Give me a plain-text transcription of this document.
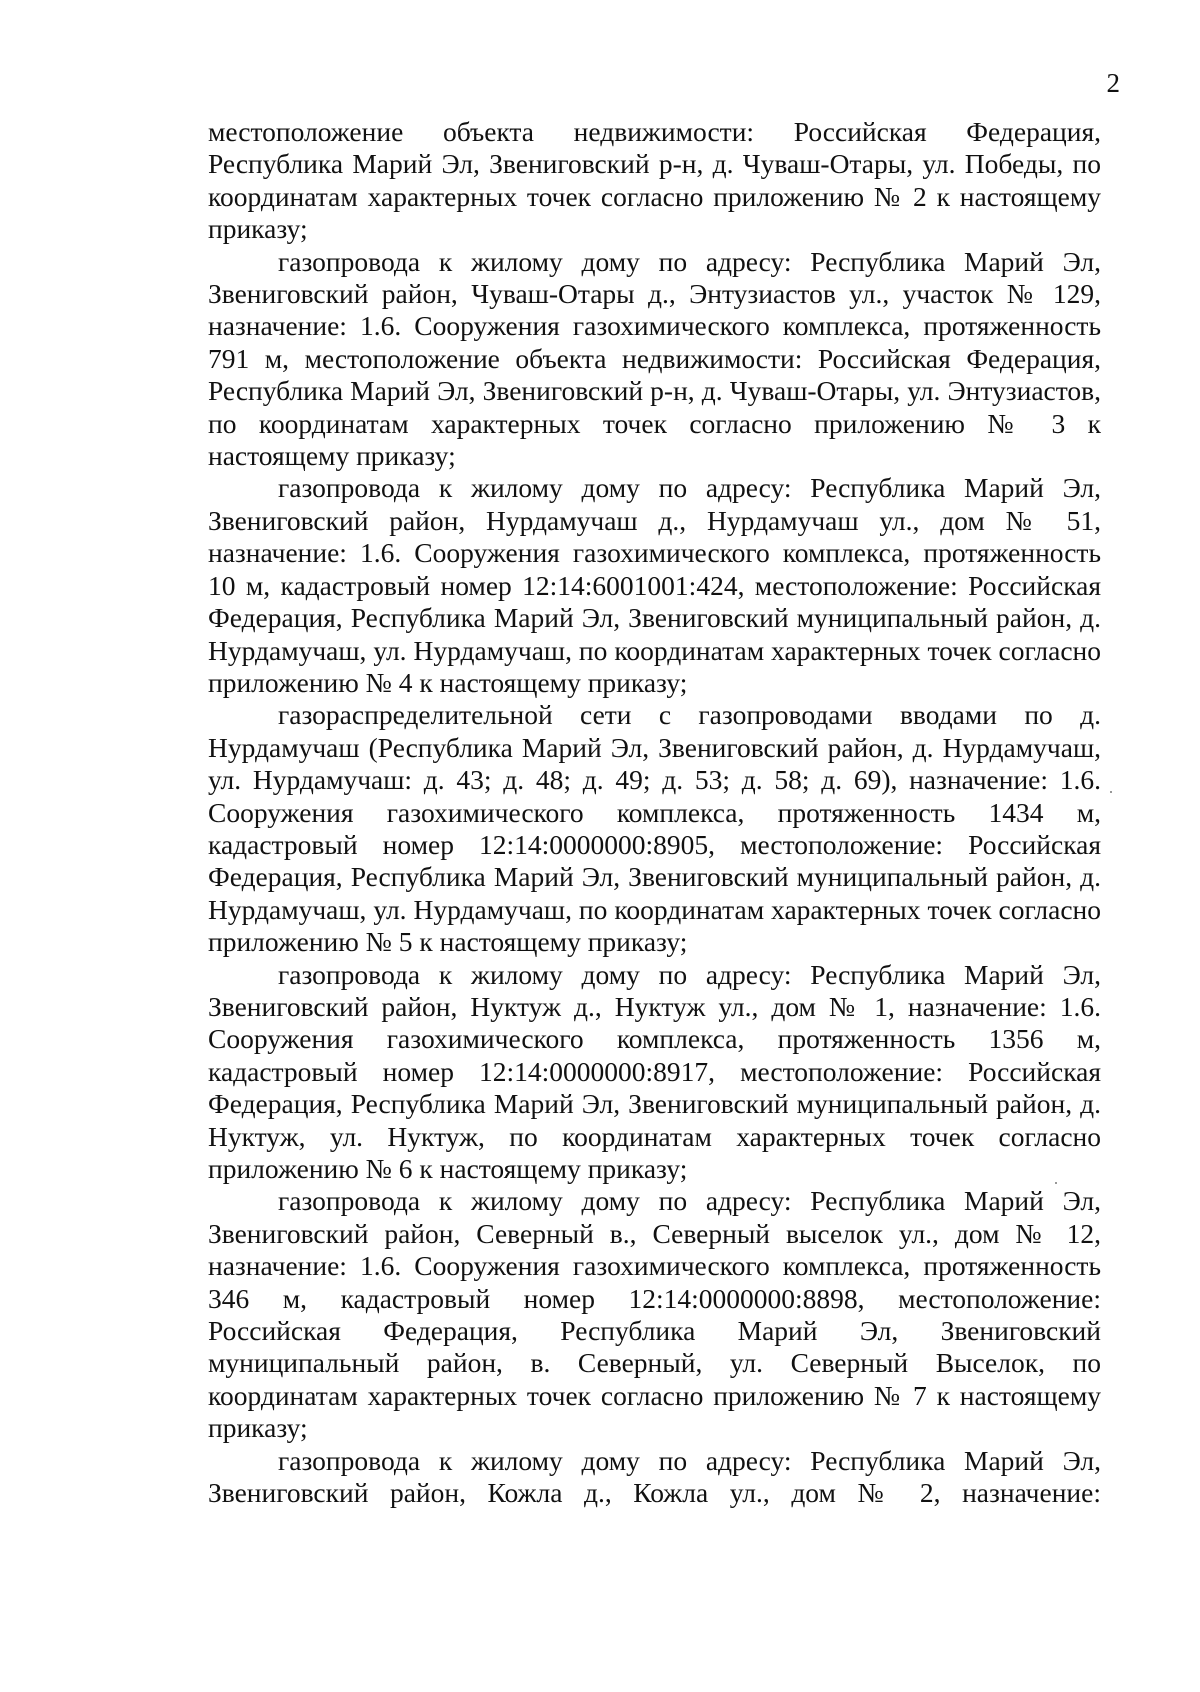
2

местоположение объекта недвижимости: Российская Федерация, Республика Марий Эл, Звениговский р-н, д. Чуваш-Отары, ул. Победы, по координатам характерных точек согласно приложению № 2 к настоящему приказу;

газопровода к жилому дому по адресу: Республика Марий Эл, Звениговский район, Чуваш-Отары д., Энтузиастов ул., участок № 129, назначение: 1.6. Сооружения газохимического комплекса, протяженность 791 м, местоположение объекта недвижимости: Российская Федерация, Республика Марий Эл, Звениговский р-н, д. Чуваш-Отары, ул. Энтузиастов, по координатам характерных точек согласно приложению № 3 к настоящему приказу;

газопровода к жилому дому по адресу: Республика Марий Эл, Звениговский район, Нурдамучаш д., Нурдамучаш ул., дом № 51, назначение: 1.6. Сооружения газохимического комплекса, протяженность 10 м, кадастровый номер 12:14:6001001:424, местоположение: Российская Федерация, Республика Марий Эл, Звениговский муниципальный район, д. Нурдамучаш, ул. Нурдамучаш, по координатам характерных точек согласно приложению № 4 к настоящему приказу;

газораспределительной сети с газопроводами вводами по д. Нурдамучаш (Республика Марий Эл, Звениговский район, д. Нурдамучаш, ул. Нурдамучаш: д. 43; д. 48; д. 49; д. 53; д. 58; д. 69), назначение: 1.6. Сооружения газохимического комплекса, протяженность 1434 м, кадастровый номер 12:14:0000000:8905, местоположение: Российская Федерация, Республика Марий Эл, Звениговский муниципальный район, д. Нурдамучаш, ул. Нурдамучаш, по координатам характерных точек согласно приложению № 5 к настоящему приказу;

газопровода к жилому дому по адресу: Республика Марий Эл, Звениговский район, Нуктуж д., Нуктуж ул., дом № 1, назначение: 1.6. Сооружения газохимического комплекса, протяженность 1356 м, кадастровый номер 12:14:0000000:8917, местоположение: Российская Федерация, Республика Марий Эл, Звениговский муниципальный район, д. Нуктуж, ул. Нуктуж, по координатам характерных точек согласно приложению № 6 к настоящему приказу;

газопровода к жилому дому по адресу: Республика Марий Эл, Звениговский район, Северный в., Северный выселок ул., дом № 12, назначение: 1.6. Сооружения газохимического комплекса, протяженность 346 м, кадастровый номер 12:14:0000000:8898, местоположение: Российская Федерация, Республика Марий Эл, Звениговский муниципальный район, в. Северный, ул. Северный Выселок, по координатам характерных точек согласно приложению № 7 к настоящему приказу;

газопровода к жилому дому по адресу: Республика Марий Эл, Звениговский район, Кожла д., Кожла ул., дом № 2, назначение:
